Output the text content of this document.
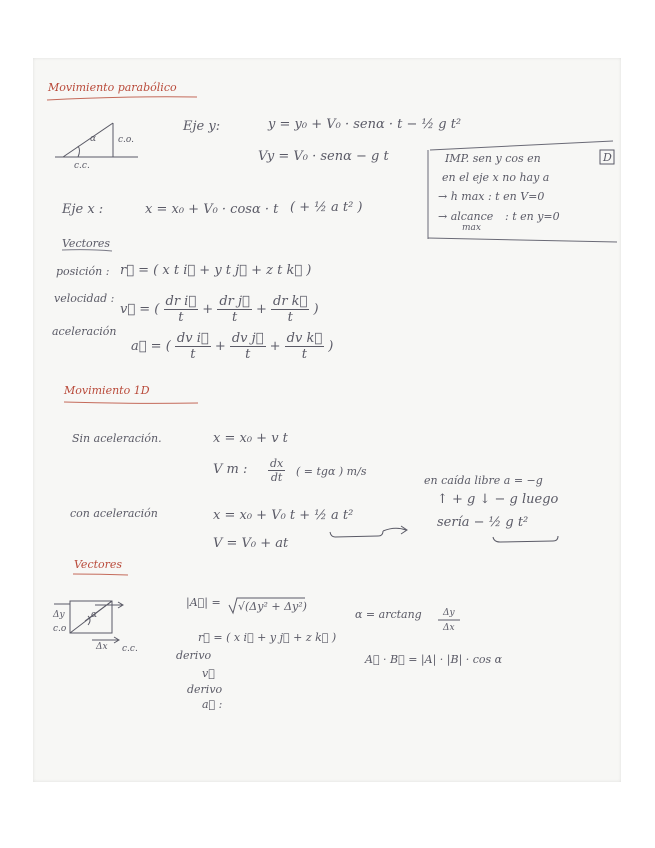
Movimiento parabólico
α c.o.
c.c.
Eje y:	y = y₀ + V₀ · senα · t − ½ g t²
Vy = V₀ · senα − g t
Eje x :	x = x₀ + V₀ · cosα · t ( + ½ a t² )
IMP. sen y cos en	D
en el eje x no hay a
→ h max : t en V=0
→ alcance : t en y=0
max
Vectores
posición : r⃗ = ( x t i⃗ + y t j⃗ + z t k⃗ )
velocidad :
v⃗ = ( $\frac{\text{dr i⃗}}{t} + \frac{\text{dr j⃗}}{t} + \frac{\text{dr k⃗}}{t}$ )
aceleración
a⃗ = ( $\frac{\text{dv i⃗}}{t} + \frac{\text{dv j⃗}}{t} + \frac{\text{dv k⃗}}{t}$ )
Movimiento 1D
Sin aceleración.	x = x₀ + v t
V m : $\frac{dx}{dt}$ ( = tgα ) m/s
en caída libre a = −g
↑ + g ↓ − g luego
sería − ½ g t²
con aceleración	x = x₀ + V₀ t + ½ a t²
V = V₀ + at
Vectores
Δy
c.o
α
Δx c.c.
|A⃗| = √(Δy² + Δy²)
α = arctang Δy
Δx
r⃗ = ( x i⃗ + y j⃗ + z k⃗ )
A⃗ · B⃗ = |A| · |B| · cos α
derivo
v⃗
derivo
a⃗ :
